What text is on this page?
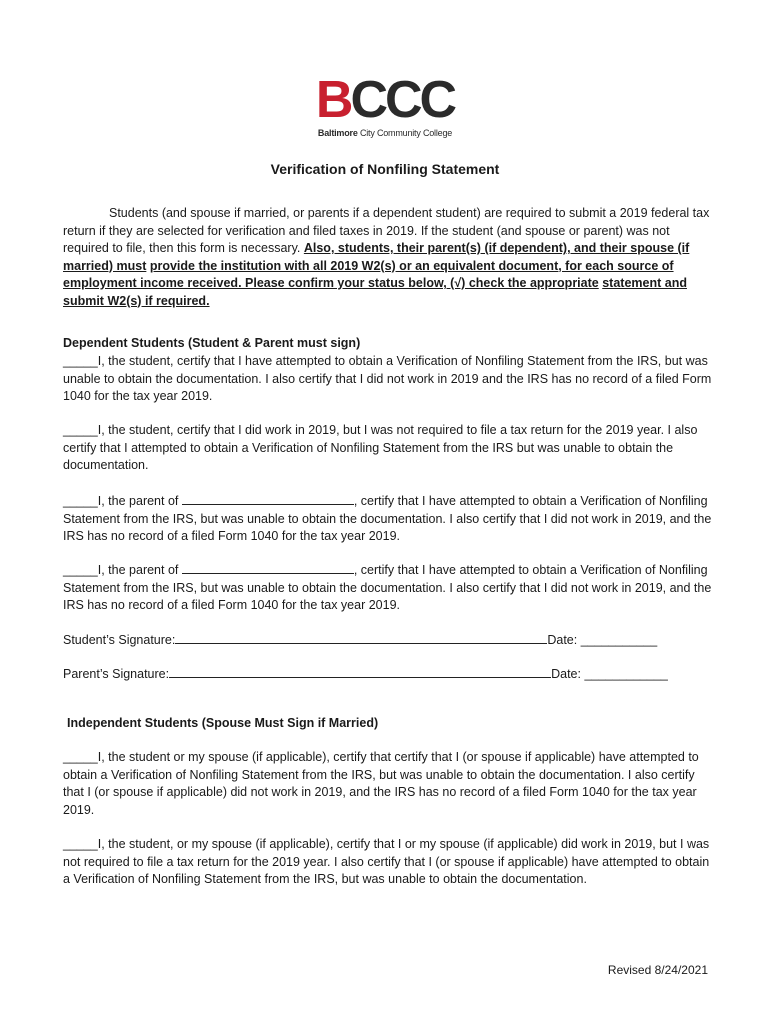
BCCC
Baltimore City Community College
Verification of Nonfiling Statement
Students (and spouse if married, or parents if a dependent student) are required to submit a 2019 federal tax return if they are selected for verification and filed taxes in 2019. If the student (and spouse or parent) was not required to file, then this form is necessary. Also, students, their parent(s) (if dependent), and their spouse (if married) must provide the institution with all 2019 W2(s) or an equivalent document, for each source of employment income received. Please confirm your status below, (√) check the appropriate statement and submit W2(s) if required.
Dependent Students (Student & Parent must sign)
_____I, the student, certify that I have attempted to obtain a Verification of Nonfiling Statement from the IRS, but was unable to obtain the documentation. I also certify that I did not work in 2019 and the IRS has no record of a filed Form 1040 for the tax year 2019.
_____I, the student, certify that I did work in 2019, but I was not required to file a tax return for the 2019 year. I also certify that I attempted to obtain a Verification of Nonfiling Statement from the IRS but was unable to obtain the documentation.
_____I, the parent of	, certify that I have attempted to obtain a Verification of Nonfiling Statement from the IRS, but was unable to obtain the documentation. I also certify that I did not work in 2019, and the IRS has no record of a filed Form 1040 for the tax year 2019.
_____I, the parent of	, certify that I have attempted to obtain a Verification of Nonfiling Statement from the IRS, but was unable to obtain the documentation. I also certify that I did not work in 2019, and the IRS has no record of a filed Form 1040 for the tax year 2019.
Student’s Signature:	Date: ___________
Parent’s Signature:	Date: ____________
Independent Students (Spouse Must Sign if Married)
_____I, the student or my spouse (if applicable), certify that certify that I (or spouse if applicable) have attempted to obtain a Verification of Nonfiling Statement from the IRS, but was unable to obtain the documentation. I also certify that I (or spouse if applicable) did not work in 2019, and the IRS has no record of a filed Form 1040 for the tax year 2019.
_____I, the student, or my spouse (if applicable), certify that I or my spouse (if applicable) did work in 2019, but I was not required to file a tax return for the 2019 year. I also certify that I (or spouse if applicable) have attempted to obtain a Verification of Nonfiling Statement from the IRS, but was unable to obtain the documentation.
Revised 8/24/2021
